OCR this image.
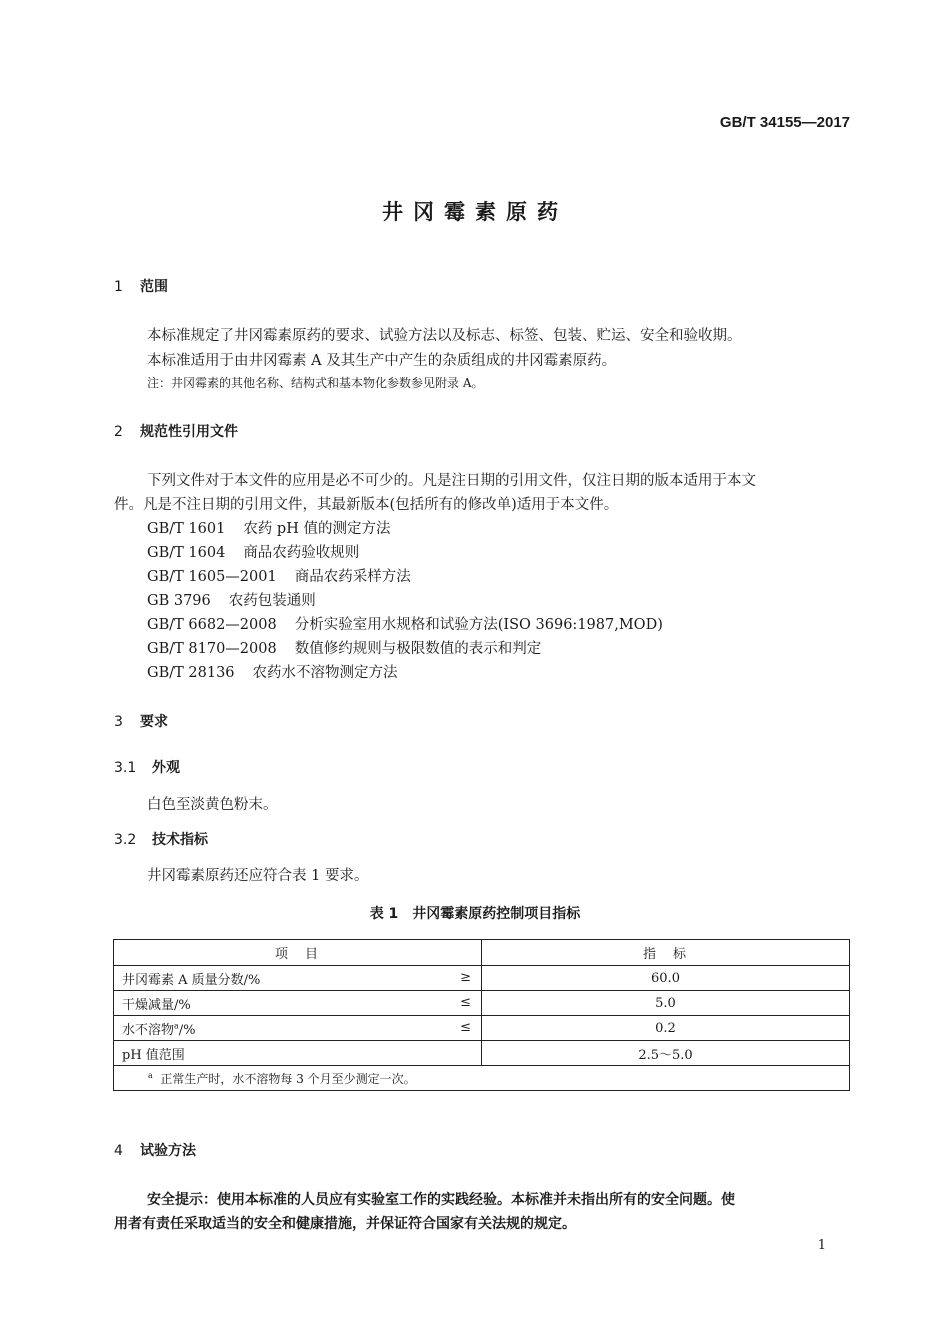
GB/T 34155—2017
井冈霉素原药
1 范围
本标准规定了井冈霉素原药的要求、试验方法以及标志、标签、包装、贮运、安全和验收期。
本标准适用于由井冈霉素 A 及其生产中产生的杂质组成的井冈霉素原药。
注：井冈霉素的其他名称、结构式和基本物化参数参见附录 A。
2 规范性引用文件
下列文件对于本文件的应用是必不可少的。凡是注日期的引用文件，仅注日期的版本适用于本文
件。凡是不注日期的引用文件，其最新版本(包括所有的修改单)适用于本文件。
GB/T 1601 农药 pH 值的测定方法
GB/T 1604 商品农药验收规则
GB/T 1605—2001 商品农药采样方法
GB 3796 农药包装通则
GB/T 6682—2008 分析实验室用水规格和试验方法(ISO 3696:1987,MOD)
GB/T 8170—2008 数值修约规则与极限数值的表示和判定
GB/T 28136 农药水不溶物测定方法
3 要求
3.1 外观
白色至淡黄色粉末。
3.2 技术指标
井冈霉素原药还应符合表 1 要求。
表 1　井冈霉素原药控制项目指标
项　目	指　标
井冈霉素 A 质量分数/% ≥	60.0
干燥减量/% ≤	5.0
水不溶物$^a$/% ≤	0.2
pH 值范围	2.5～5.0
$^a$ 正常生产时，水不溶物每 3 个月至少测定一次。	
4 试验方法
安全提示：使用本标准的人员应有实验室工作的实践经验。本标准并未指出所有的安全问题。使
用者有责任采取适当的安全和健康措施，并保证符合国家有关法规的规定。
1
